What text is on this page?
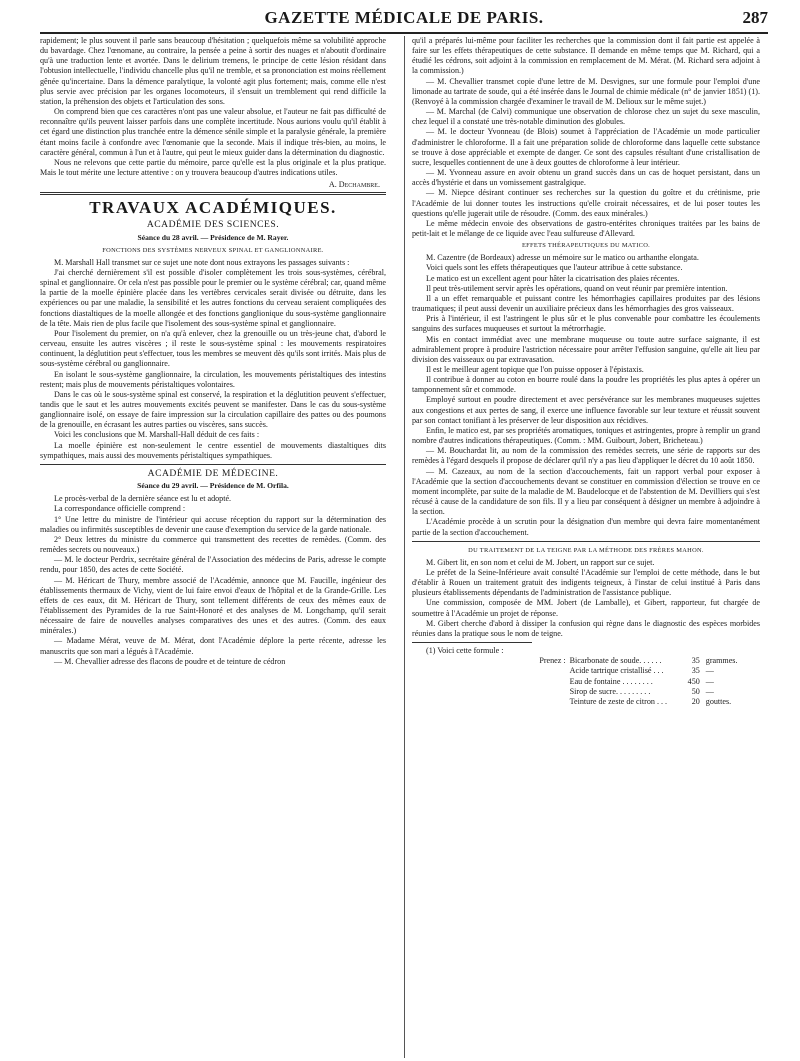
GAZETTE MÉDICALE DE PARIS.	287

rapidement; le plus souvent il parle sans beaucoup d'hésitation ; quelquefois même sa volubilité approche du bavardage. Chez l'œnomane, au contraire, la pensée a peine à sortir des nuages et n'aboutit d'ordinaire qu'à une traduction lente et avortée. Dans le delirium tremens, le principe de cette lésion résidant dans l'obtusion intellectuelle, l'individu chancelle plus qu'il ne tremble, et sa prononciation est moins réellement gênée qu'incertaine. Dans la démence paralytique, la volonté agit plus fortement; mais, comme elle n'est plus servie avec précision par les organes locomoteurs, il s'ensuit un tremblement qui rend difficile la station, la préhension des objets et l'articulation des sons.

On comprend bien que ces caractères n'ont pas une valeur absolue, et l'auteur ne fait pas difficulté de reconnaître qu'ils peuvent laisser parfois dans une complète incertitude. Nous aurions voulu qu'il établit à cet égard une distinction plus tranchée entre la démence sénile simple et la paralysie générale, la première étant moins facile à confondre avec l'œnomanie que la seconde. Mais il indique très-bien, au moins, le caractère général, commun à l'un et à l'autre, qui peut le mieux guider dans la détermination du diagnostic.

Nous ne relevons que cette partie du mémoire, parce qu'elle est la plus originale et la plus pratique. Mais le tout mérite une lecture attentive : on y trouvera beaucoup d'autres indications utiles.

A. Dechambre.
TRAVAUX ACADÉMIQUES.
ACADÉMIE DES SCIENCES.
Séance du 28 avril. — Présidence de M. Rayer.
FONCTIONS DES SYSTÈMES NERVEUX SPINAL ET GANGLIONNAIRE.

M. Marshall Hall transmet sur ce sujet une note dont nous extrayons les passages suivants :

J'ai cherché dernièrement s'il est possible d'isoler complètement les trois sous-systèmes, cérébral, spinal et ganglionnaire. Or cela n'est pas possible pour le premier ou le système cérébral; car, quand même la partie de la moelle épinière placée dans les vertèbres cervicales serait divisée ou détruite, dans les expériences ou par une maladie, la sensibilité et les autres fonctions du cerveau seraient compliquées des fonctions diastaltiques de la moelle allongée et des fonctions ganglionique du sous-système ganglionnaire de la tête. Mais rien de plus facile que l'isolement des sous-système spinal et ganglionnaire.

Pour l'isolement du premier, on n'a qu'à enlever, chez la grenouille ou un très-jeune chat, d'abord le cerveau, ensuite les autres viscères ; il reste le sous-système spinal : les mouvements respiratoires continuent, la déglutition peut s'effectuer, tous les membres se meuvent dès qu'ils sont irrités. Mais plus de sous-système cérébral ou ganglionnaire.

En isolant le sous-système ganglionnaire, la circulation, les mouvements péristaltiques des intestins restent; mais plus de mouvements péristaltiques volontaires.

Dans le cas où le sous-système spinal est conservé, la respiration et la déglutition peuvent s'effectuer, tandis que le saut et les autres mouvements excités peuvent se manifester. Dans le cas du sous-système ganglionnaire isolé, on essaye de faire impression sur la circulation capillaire des pattes ou des poumons de la grenouille, en écrasant les autres parties ou viscères, sans succès.

Voici les conclusions que M. Marshall-Hall déduit de ces faits :

La moelle épinière est non-seulement le centre essentiel de mouvements diastaltiques dits sympathiques, mais aussi des mouvements péristaltiques sympathiques.

ACADÉMIE DE MÉDECINE.
Séance du 29 avril. — Présidence de M. Orfila.

Le procès-verbal de la dernière séance est lu et adopté.

La correspondance officielle comprend :

1° Une lettre du ministre de l'intérieur qui accuse réception du rapport sur la détermination des maladies ou infirmités susceptibles de devenir une cause d'exemption du service de la garde nationale.

2° Deux lettres du ministre du commerce qui transmettent des recettes de remèdes. (Comm. des remèdes secrets ou nouveaux.)

— M. le docteur Perdrix, secrétaire général de l'Association des médecins de Paris, adresse le compte rendu, pour 1850, des actes de cette Société.

— M. Héricart de Thury, membre associé de l'Académie, annonce que M. Faucille, ingénieur des établissements thermaux de Vichy, vient de lui faire envoi d'eaux de l'hôpital et de la Grande-Grille. Les effets de ces eaux, dit M. Héricart de Thury, sont tellement différents de ceux des mêmes eaux de l'établissement des Pyramides de la rue Saint-Honoré et des analyses de M. Longchamp, qu'il serait nécessaire de faire de nouvelles analyses comparatives des unes et des autres. (Comm. des eaux minérales.)

— Madame Mérat, veuve de M. Mérat, dont l'Académie déplore la perte récente, adresse les manuscrits que son mari a légués à l'Académie.

— M. Chevallier adresse des flacons de poudre et de teinture de cédron

qu'il a préparés lui-même pour faciliter les recherches que la commission dont il fait partie est appelée à faire sur les effets thérapeutiques de cette substance. Il demande en même temps que M. Richard, qui a étudié les cédrons, soit adjoint à la commission en remplacement de M. Mérat. (M. Richard sera adjoint à la commission.)

— M. Chevallier transmet copie d'une lettre de M. Desvignes, sur une formule pour l'emploi d'une limonade au tartrate de soude, qui a été insérée dans le Journal de chimie médicale (n° de janvier 1851) (1). (Renvoyé à la commission chargée d'examiner le travail de M. Delioux sur le même sujet.)

— M. Marchal (de Calvi) communique une observation de chlorose chez un sujet du sexe masculin, chez lequel il a constaté une très-notable diminution des globules.

— M. le docteur Yvonneau (de Blois) soumet à l'appréciation de l'Académie un mode particulier d'administrer le chloroforme. Il a fait une préparation solide de chloroforme dans laquelle cette substance se trouve à dose appréciable et exempte de danger. Ce sont des capsules résultant d'une cristallisation de sucre, lesquelles contiennent de une à deux gouttes de chloroforme à leur intérieur.

— M. Yvonneau assure en avoir obtenu un grand succès dans un cas de hoquet persistant, dans un accès d'hystérie et dans un vomissement gastralgique.

— M. Niepce désirant continuer ses recherches sur la question du goître et du crétinisme, prie l'Académie de lui donner toutes les instructions qu'elle croirait nécessaires, et de lui poser toutes les questions qu'elle jugerait utile de résoudre. (Comm. des eaux minérales.)

Le même médecin envoie des observations de gastro-entérites chroniques traitées par les bains de petit-lait et le mélange de ce liquide avec l'eau sulfureuse d'Allevard.

EFFETS THÉRAPEUTIQUES DU MATICO.

M. Cazentre (de Bordeaux) adresse un mémoire sur le matico ou arthanthe elongata.

Voici quels sont les effets thérapeutiques que l'auteur attribue à cette substance.

Le matico est un excellent agent pour hâter la cicatrisation des plaies récentes.

Il peut très-utilement servir après les opérations, quand on veut réunir par première intention.

Il a un effet remarquable et puissant contre les hémorrhagies capillaires produites par des lésions traumatiques; il peut aussi devenir un auxiliaire précieux dans les hémorrhagies des gros vaisseaux.

Pris à l'intérieur, il est l'astringent le plus sûr et le plus convenable pour combattre les écoulements sanguins des surfaces muqueuses et surtout la métrorrhagie.

Mis en contact immédiat avec une membrane muqueuse ou toute autre surface saignante, il est admirablement propre à produire l'astriction nécessaire pour arrêter l'effusion sanguine, qu'elle ait lieu par division des vaisseaux ou par extravasation.

Il est le meilleur agent topique que l'on puisse opposer à l'épistaxis.

Il contribue à donner au coton en bourre roulé dans la poudre les propriétés les plus aptes à opérer un tamponnement sûr et commode.

Employé surtout en poudre directement et avec persévérance sur les membranes muqueuses sujettes aux congestions et aux pertes de sang, il exerce une influence favorable sur leur texture et réussit souvent par son contact tonifiant à les préserver de leur disposition aux récidives.

Enfin, le matico est, par ses propriétés aromatiques, toniques et astringentes, propre à remplir un grand nombre d'autres indications thérapeutiques. (Comm. : MM. Guibourt, Jobert, Bricheteau.)

— M. Bouchardat lit, au nom de la commission des remèdes secrets, une série de rapports sur des remèdes à l'égard desquels il propose de déclarer qu'il n'y a pas lieu d'appliquer le décret du 10 août 1850.

— M. Cazeaux, au nom de la section d'accouchements, fait un rapport verbal pour exposer à l'Académie que la section d'accouchements devant se constituer en commission d'élection se trouve en ce moment incomplète, par suite de la maladie de M. Baudelocque et de l'abstention de M. Devilliers qui s'est récusé à cause de la candidature de son fils. Il y a lieu par conséquent à désigner un membre à adjoindre à la section.

L'Académie procède à un scrutin pour la désignation d'un membre qui devra faire momentanément partie de la section d'accouchement.

DU TRAITEMENT DE LA TEIGNE PAR LA MÉTHODE DES FRÈRES MAHON.

M. Gibert lit, en son nom et celui de M. Jobert, un rapport sur ce sujet.

Le préfet de la Seine-Inférieure avait consulté l'Académie sur l'emploi de cette méthode, dans le but d'établir à Rouen un traitement gratuit des indigents teigneux, à l'instar de celui institué à Paris dans plusieurs établissements dépendants de l'administration de l'assistance publique.

Une commission, composée de MM. Jobert (de Lamballe), et Gibert, rapporteur, fut chargée de soumettre à l'Académie un projet de réponse.

M. Gibert cherche d'abord à dissiper la confusion qui règne dans le diagnostic des espèces morbides réunies dans la pratique sous le nom de teigne.

(1) Voici cette formule :

Prenez : Bicarbonate de soude. . . . . .	35 grammes.
Acide tartrique cristallisé . . .	35 —
Eau de fontaine . . . . . . . .	450 —
Sirop de sucre. . . . . . . . .	50 —
Teinture de zeste de citron . . .	20 gouttes.
